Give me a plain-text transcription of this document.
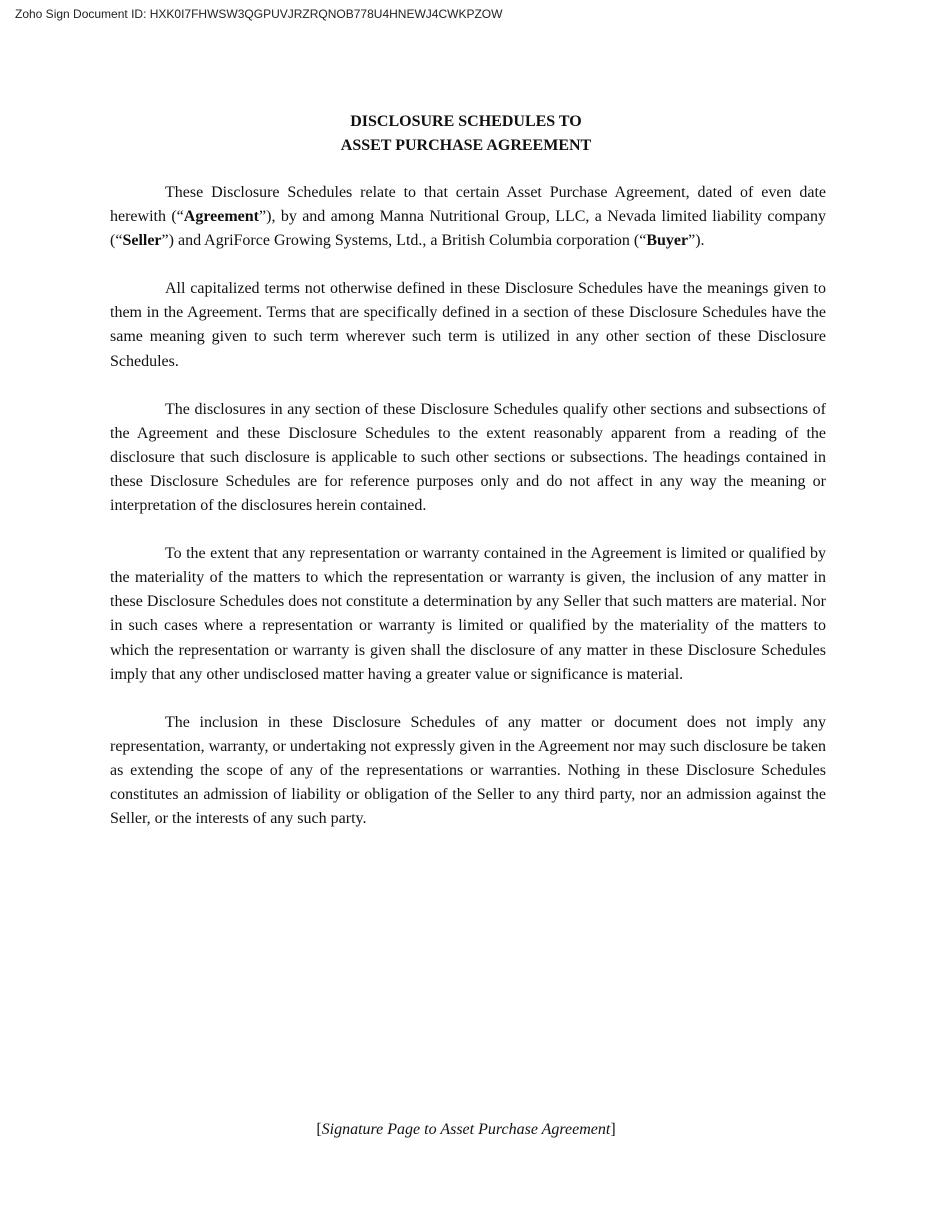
Zoho Sign Document ID: HXK0I7FHWSW3QGPUVJRZRQNOB778U4HNEWJ4CWKPZOW
DISCLOSURE SCHEDULES TO
ASSET PURCHASE AGREEMENT

These Disclosure Schedules relate to that certain Asset Purchase Agreement, dated of even date herewith (“Agreement”), by and among Manna Nutritional Group, LLC, a Nevada limited liability company (“Seller”) and AgriForce Growing Systems, Ltd., a British Columbia corporation (“Buyer”).

All capitalized terms not otherwise defined in these Disclosure Schedules have the meanings given to them in the Agreement. Terms that are specifically defined in a section of these Disclosure Schedules have the same meaning given to such term wherever such term is utilized in any other section of these Disclosure Schedules.

The disclosures in any section of these Disclosure Schedules qualify other sections and subsections of the Agreement and these Disclosure Schedules to the extent reasonably apparent from a reading of the disclosure that such disclosure is applicable to such other sections or subsections. The headings contained in these Disclosure Schedules are for reference purposes only and do not affect in any way the meaning or interpretation of the disclosures herein contained.

To the extent that any representation or warranty contained in the Agreement is limited or qualified by the materiality of the matters to which the representation or warranty is given, the inclusion of any matter in these Disclosure Schedules does not constitute a determination by any Seller that such matters are material. Nor in such cases where a representation or warranty is limited or qualified by the materiality of the matters to which the representation or warranty is given shall the disclosure of any matter in these Disclosure Schedules imply that any other undisclosed matter having a greater value or significance is material.

The inclusion in these Disclosure Schedules of any matter or document does not imply any representation, warranty, or undertaking not expressly given in the Agreement nor may such disclosure be taken as extending the scope of any of the representations or warranties. Nothing in these Disclosure Schedules constitutes an admission of liability or obligation of the Seller to any third party, nor an admission against the Seller, or the interests of any such party.

[Signature Page to Asset Purchase Agreement]
